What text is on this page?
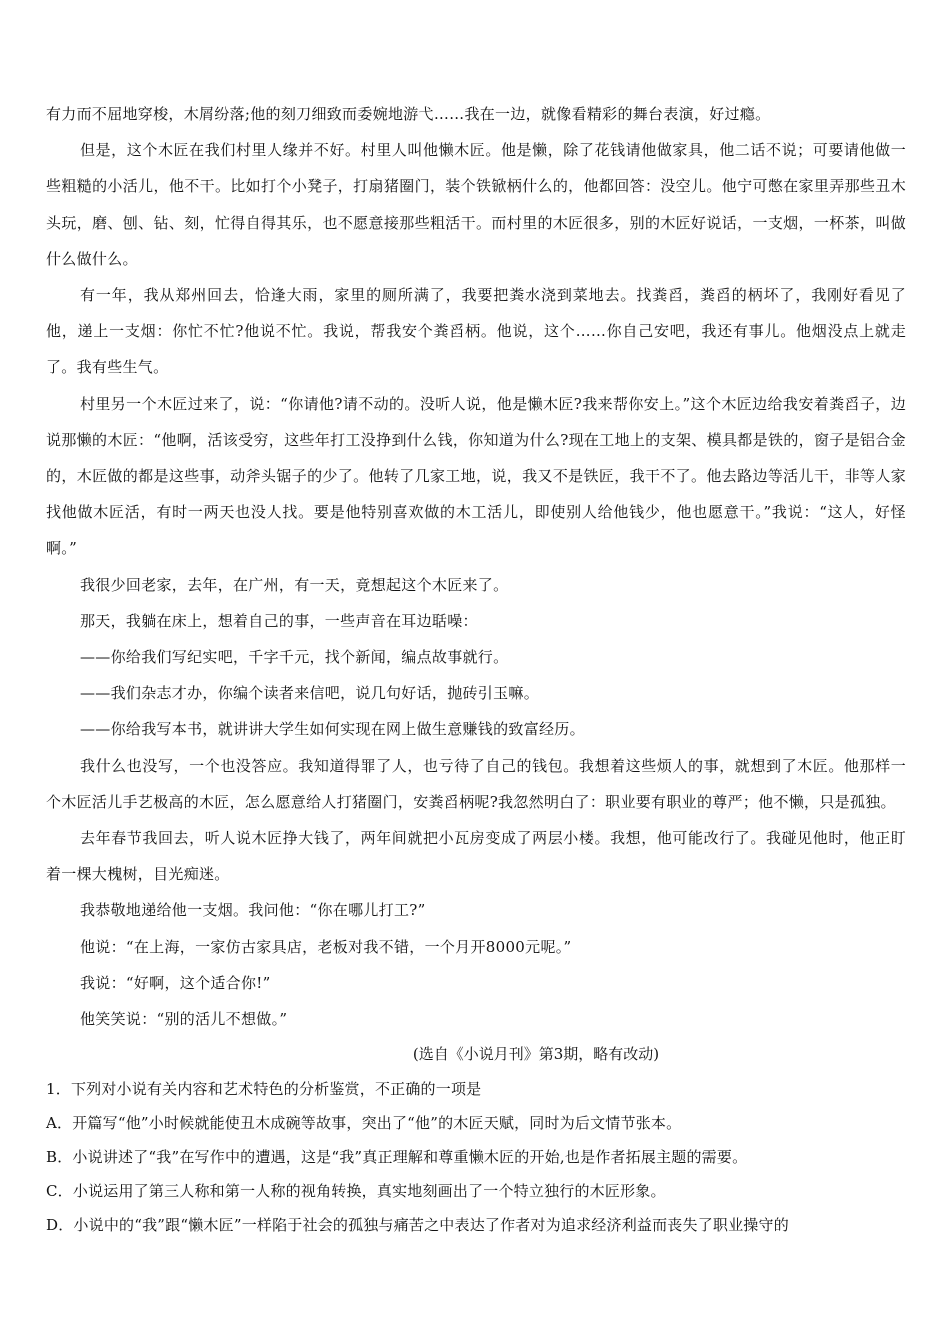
有力而不屈地穿梭，木屑纷落;他的刻刀细致而委婉地游弋……我在一边，就像看精彩的舞台表演，好过瘾。

但是，这个木匠在我们村里人缘并不好。村里人叫他懒木匠。他是懒，除了花钱请他做家具，他二话不说；可要请他做一些粗糙的小活儿，他不干。比如打个小凳子，打扇猪圈门，装个铁锨柄什么的，他都回答：没空儿。他宁可憋在家里弄那些丑木头玩，磨、刨、钻、刻，忙得自得其乐，也不愿意接那些粗活干。而村里的木匠很多，别的木匠好说话，一支烟，一杯茶，叫做什么做什么。

有一年，我从郑州回去，恰逢大雨，家里的厕所满了，我要把粪水浇到菜地去。找粪舀，粪舀的柄坏了，我刚好看见了他，递上一支烟：你忙不忙?他说不忙。我说，帮我安个粪舀柄。他说，这个……你自己安吧，我还有事儿。他烟没点上就走了。我有些生气。

村里另一个木匠过来了，说：“你请他?请不动的。没听人说，他是懒木匠?我来帮你安上。”这个木匠边给我安着粪舀子，边说那懒的木匠：“他啊，活该受穷，这些年打工没挣到什么钱，你知道为什么?现在工地上的支架、模具都是铁的，窗子是铝合金的，木匠做的都是这些事，动斧头锯子的少了。他转了几家工地，说，我又不是铁匠，我干不了。他去路边等活儿干，非等人家找他做木匠活，有时一两天也没人找。要是他特别喜欢做的木工活儿，即使别人给他钱少，他也愿意干。”我说：“这人，好怪啊。”

我很少回老家，去年，在广州，有一天，竟想起这个木匠来了。

那天，我躺在床上，想着自己的事，一些声音在耳边聒噪：

——你给我们写纪实吧，千字千元，找个新闻，编点故事就行。

——我们杂志才办，你编个读者来信吧，说几句好话，抛砖引玉嘛。

——你给我写本书，就讲讲大学生如何实现在网上做生意赚钱的致富经历。

我什么也没写，一个也没答应。我知道得罪了人，也亏待了自己的钱包。我想着这些烦人的事，就想到了木匠。他那样一个木匠活儿手艺极高的木匠，怎么愿意给人打猪圈门，安粪舀柄呢?我忽然明白了：职业要有职业的尊严；他不懒，只是孤独。

去年春节我回去，听人说木匠挣大钱了，两年间就把小瓦房变成了两层小楼。我想，他可能改行了。我碰见他时，他正盯着一棵大槐树，目光痴迷。

我恭敬地递给他一支烟。我问他：“你在哪儿打工?”

他说：“在上海，一家仿古家具店，老板对我不错，一个月开8000元呢。”

我说：“好啊，这个适合你!”

他笑笑说：“别的活儿不想做。”

(选自《小说月刊》第3期，略有改动)

1．下列对小说有关内容和艺术特色的分析鉴赏，不正确的一项是

A．开篇写“他”小时候就能使丑木成碗等故事，突出了“他”的木匠天赋，同时为后文情节张本。

B．小说讲述了“我”在写作中的遭遇，这是“我”真正理解和尊重懒木匠的开始,也是作者拓展主题的需要。

C．小说运用了第三人称和第一人称的视角转换，真实地刻画出了一个特立独行的木匠形象。

D．小说中的“我”跟“懒木匠”一样陷于社会的孤独与痛苦之中表达了作者对为追求经济利益而丧失了职业操守的
